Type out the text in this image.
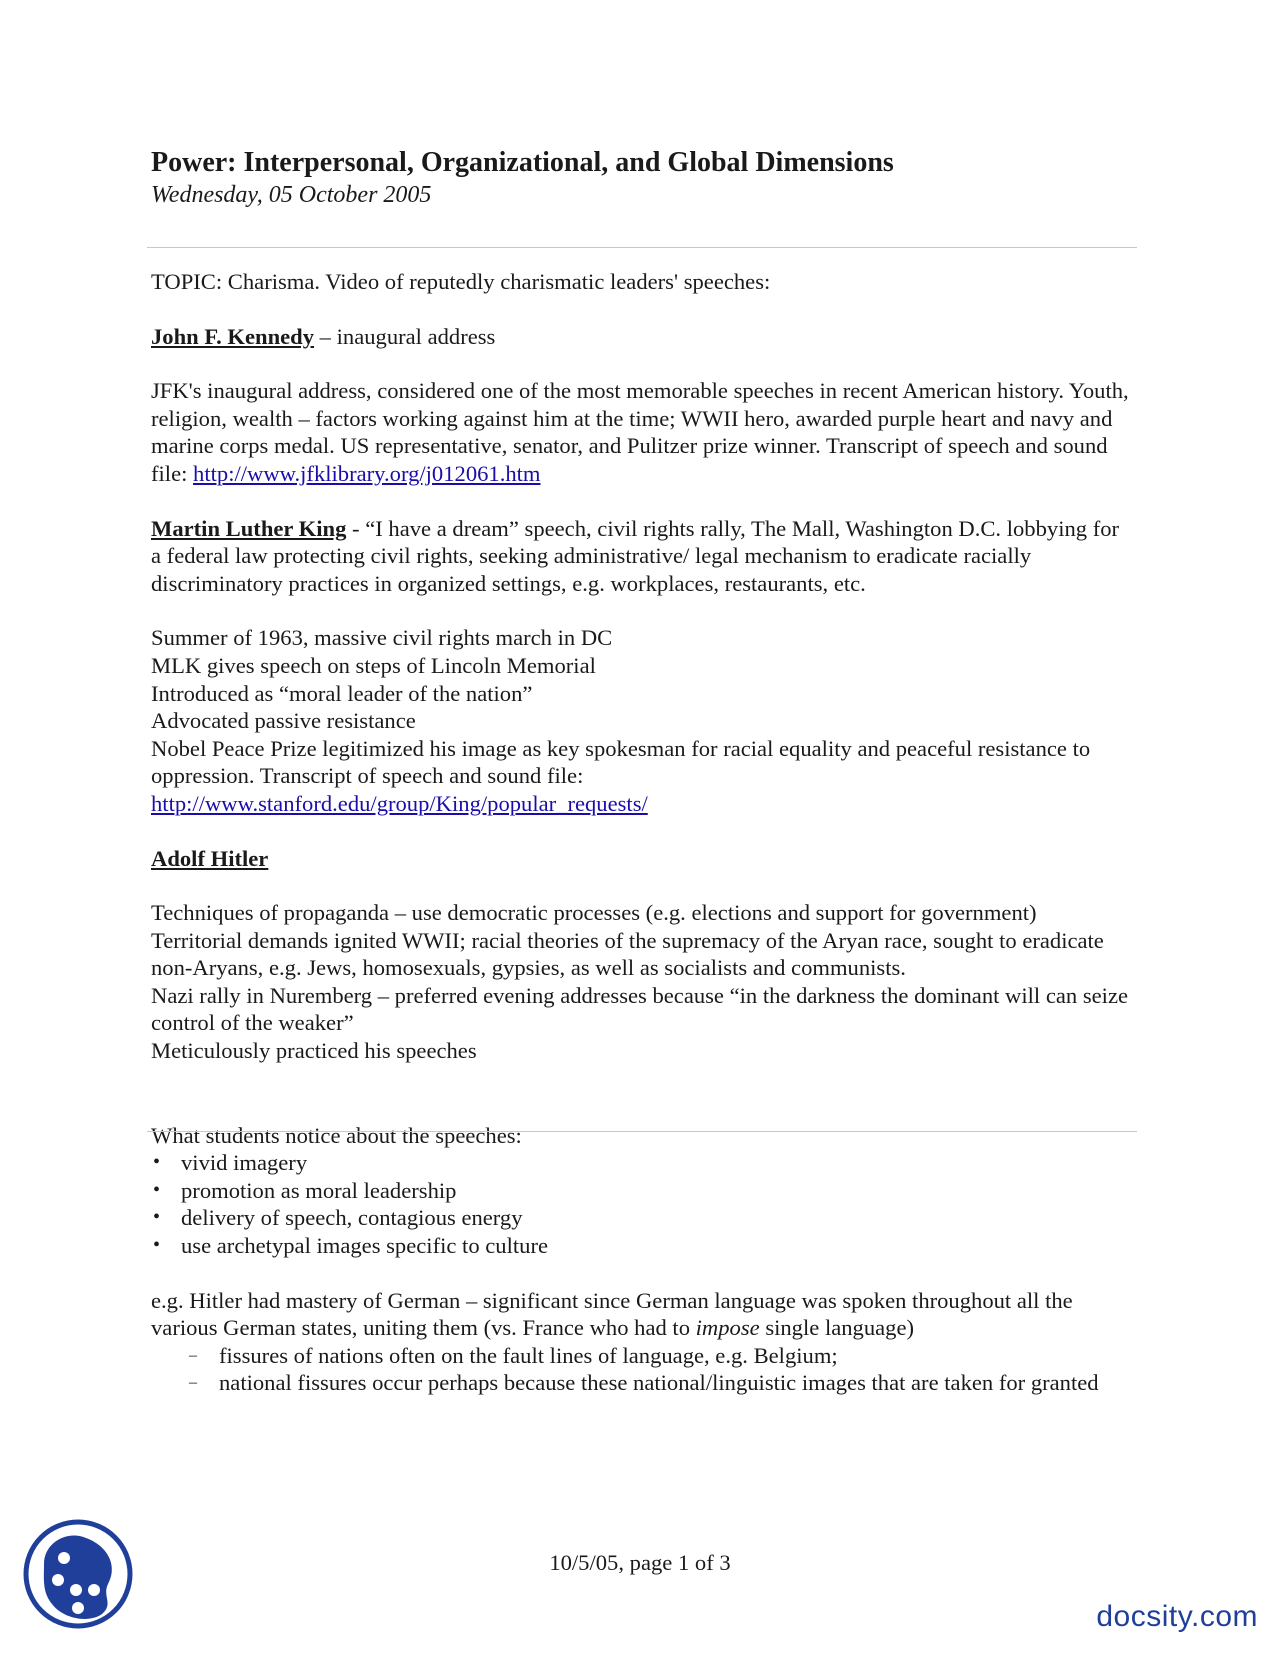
Power: Interpersonal, Organizational, and Global Dimensions

Wednesday, 05 October 2005

TOPIC: Charisma. Video of reputedly charismatic leaders' speeches:

John F. Kennedy – inaugural address

JFK's inaugural address, considered one of the most memorable speeches in recent American history. Youth, religion, wealth – factors working against him at the time; WWII hero, awarded purple heart and navy and marine corps medal. US representative, senator, and Pulitzer prize winner. Transcript of speech and sound file: http://www.jfklibrary.org/j012061.htm

Martin Luther King - “I have a dream” speech, civil rights rally, The Mall, Washington D.C. lobbying for a federal law protecting civil rights, seeking administrative/ legal mechanism to eradicate racially discriminatory practices in organized settings, e.g. workplaces, restaurants, etc.

Summer of 1963, massive civil rights march in DC

MLK gives speech on steps of Lincoln Memorial

Introduced as “moral leader of the nation”

Advocated passive resistance

Nobel Peace Prize legitimized his image as key spokesman for racial equality and peaceful resistance to oppression. Transcript of speech and sound file:

http://www.stanford.edu/group/King/popular_requests/

Adolf Hitler

Techniques of propaganda – use democratic processes (e.g. elections and support for government)

Territorial demands ignited WWII; racial theories of the supremacy of the Aryan race, sought to eradicate non-Aryans, e.g. Jews, homosexuals, gypsies, as well as socialists and communists.

Nazi rally in Nuremberg – preferred evening addresses because “in the darkness the dominant will can seize control of the weaker”

Meticulously practiced his speeches

What students notice about the speeches:

• vivid imagery
• promotion as moral leadership
• delivery of speech, contagious energy
• use archetypal images specific to culture

e.g. Hitler had mastery of German – significant since German language was spoken throughout all the various German states, uniting them (vs. France who had to impose single language)

– fissures of nations often on the fault lines of language, e.g. Belgium;
– national fissures occur perhaps because these national/linguistic images that are taken for granted
10/5/05, page 1 of 3
docsity.com
